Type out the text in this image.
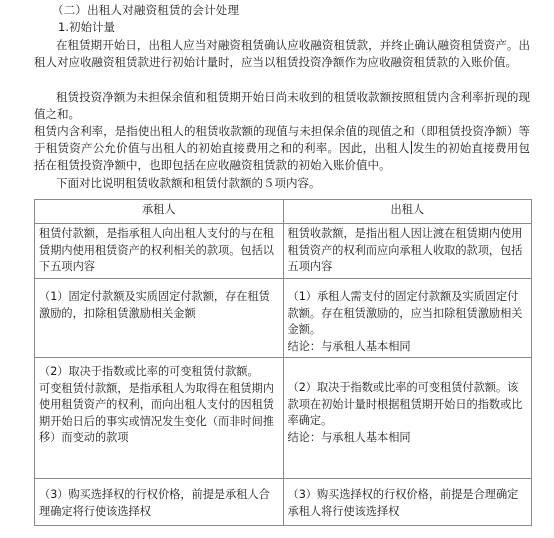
（二）出租人对融资租赁的会计处理
1.初始计量
在租赁期开始日，出租人应当对融资租赁确认应收融资租赁款，并终止确认融资租赁资产。出租人对应收融资租赁款进行初始计量时，应当以租赁投资净额作为应收融资租赁款的入账价值。
租赁投资净额为未担保余值和租赁期开始日尚未收到的租赁收款额按照租赁内含利率折现的现值之和。
租赁内含利率，是指使出租人的租赁收款额的现值与未担保余值的现值之和（即租赁投资净额）等于租赁资产公允价值与出租人的初始直接费用之和的利率。因此，出租人 发生的初始直接费用包括在租赁投资净额中，也即包括在应收融资租赁款的初始入账价值中。
下面对比说明租赁收款额和租赁付款额的５项内容。
承租人	出租人
租赁付款额，是指承租人向出租人支付的与在租赁期内使用租赁资产的权利相关的款项。包括以下五项内容	租赁收款额，是指出租人因让渡在租赁期内使用租赁资产的权利而应向承租人收取的款项，包括五项内容
（1）固定付款额及实质固定付款额，存在租赁激励的，扣除租赁激励相关金额	（1）承租人需支付的固定付款额及实质固定付款额。存在租赁激励的，应当扣除租赁激励相关金额。
结论：与承租人基本相同

（2）取决于指数或比率的可变租赁付款额。
可变租赁付款额，是指承租人为取得在租赁期内使用租赁资产的权利，而向出租人支付的因租赁期开始日后的事实或情况发生变化（而非时间推移）而变动的款项	（2）取决于指数或比率的可变租赁付款额。该款项在初始计量时根据租赁期开始日的指数或比率确定。
结论：与承租人基本相同

（3）购买选择权的行权价格，前提是承租人合理确定将行使该选择权	（3）购买选择权的行权价格，前提是合理确定承租人将行使该选择权
